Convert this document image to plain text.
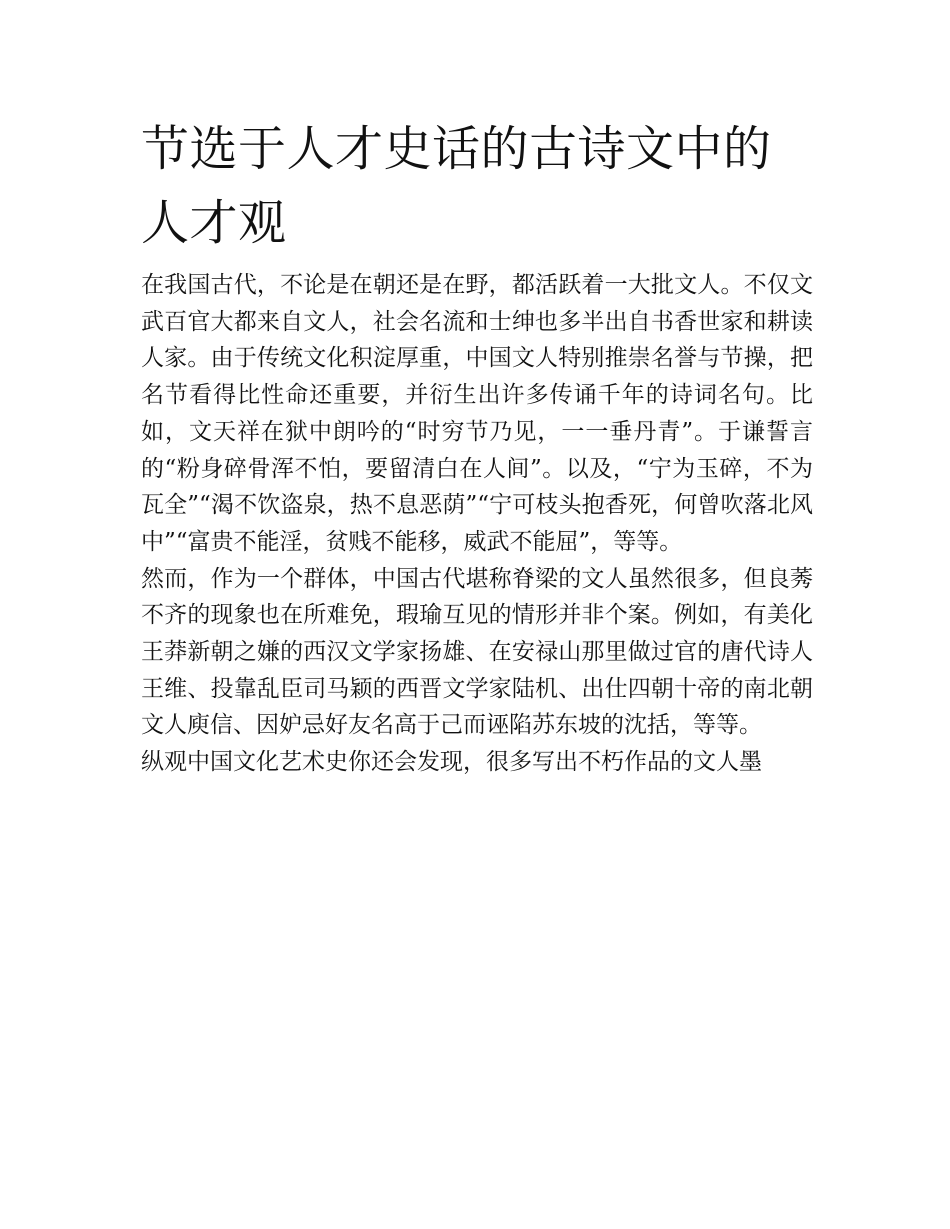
节选于人才史话的古诗文中的人才观

在我国古代，不论是在朝还是在野，都活跃着一大批文人。不仅文武百官大都来自文人，社会名流和士绅也多半出自书香世家和耕读人家。由于传统文化积淀厚重，中国文人特别推崇名誉与节操，把名节看得比性命还重要，并衍生出许多传诵千年的诗词名句。比如，文天祥在狱中朗吟的“时穷节乃见，一一垂丹青”。于谦誓言的“粉身碎骨浑不怕，要留清白在人间”。以及，“宁为玉碎，不为瓦全”“渴不饮盗泉，热不息恶荫”“宁可枝头抱香死，何曾吹落北风中”“富贵不能淫，贫贱不能移，威武不能屈”，等等。

然而，作为一个群体，中国古代堪称脊梁的文人虽然很多，但良莠不齐的现象也在所难免，瑕瑜互见的情形并非个案。例如，有美化王莽新朝之嫌的西汉文学家扬雄、在安禄山那里做过官的唐代诗人王维、投靠乱臣司马颖的西晋文学家陆机、出仕四朝十帝的南北朝文人庾信、因妒忌好友名高于己而诬陷苏东坡的沈括，等等。

纵观中国文化艺术史你还会发现，很多写出不朽作品的文人墨
